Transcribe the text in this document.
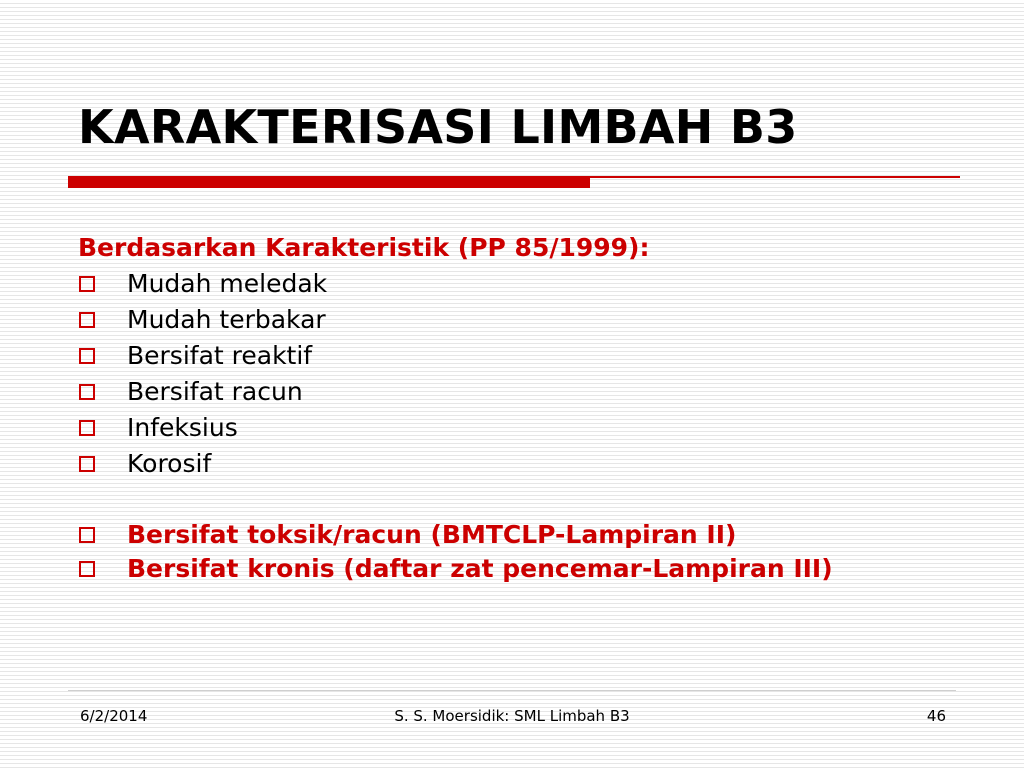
KARAKTERISASI LIMBAH B3
Berdasarkan Karakteristik (PP 85/1999):
Mudah meledak
Mudah terbakar
Bersifat reaktif
Bersifat racun
Infeksius
Korosif
Bersifat toksik/racun (BMTCLP-Lampiran II)
Bersifat kronis (daftar zat pencemar-Lampiran III)
6/2/2014	S. S. Moersidik: SML Limbah B3	46
